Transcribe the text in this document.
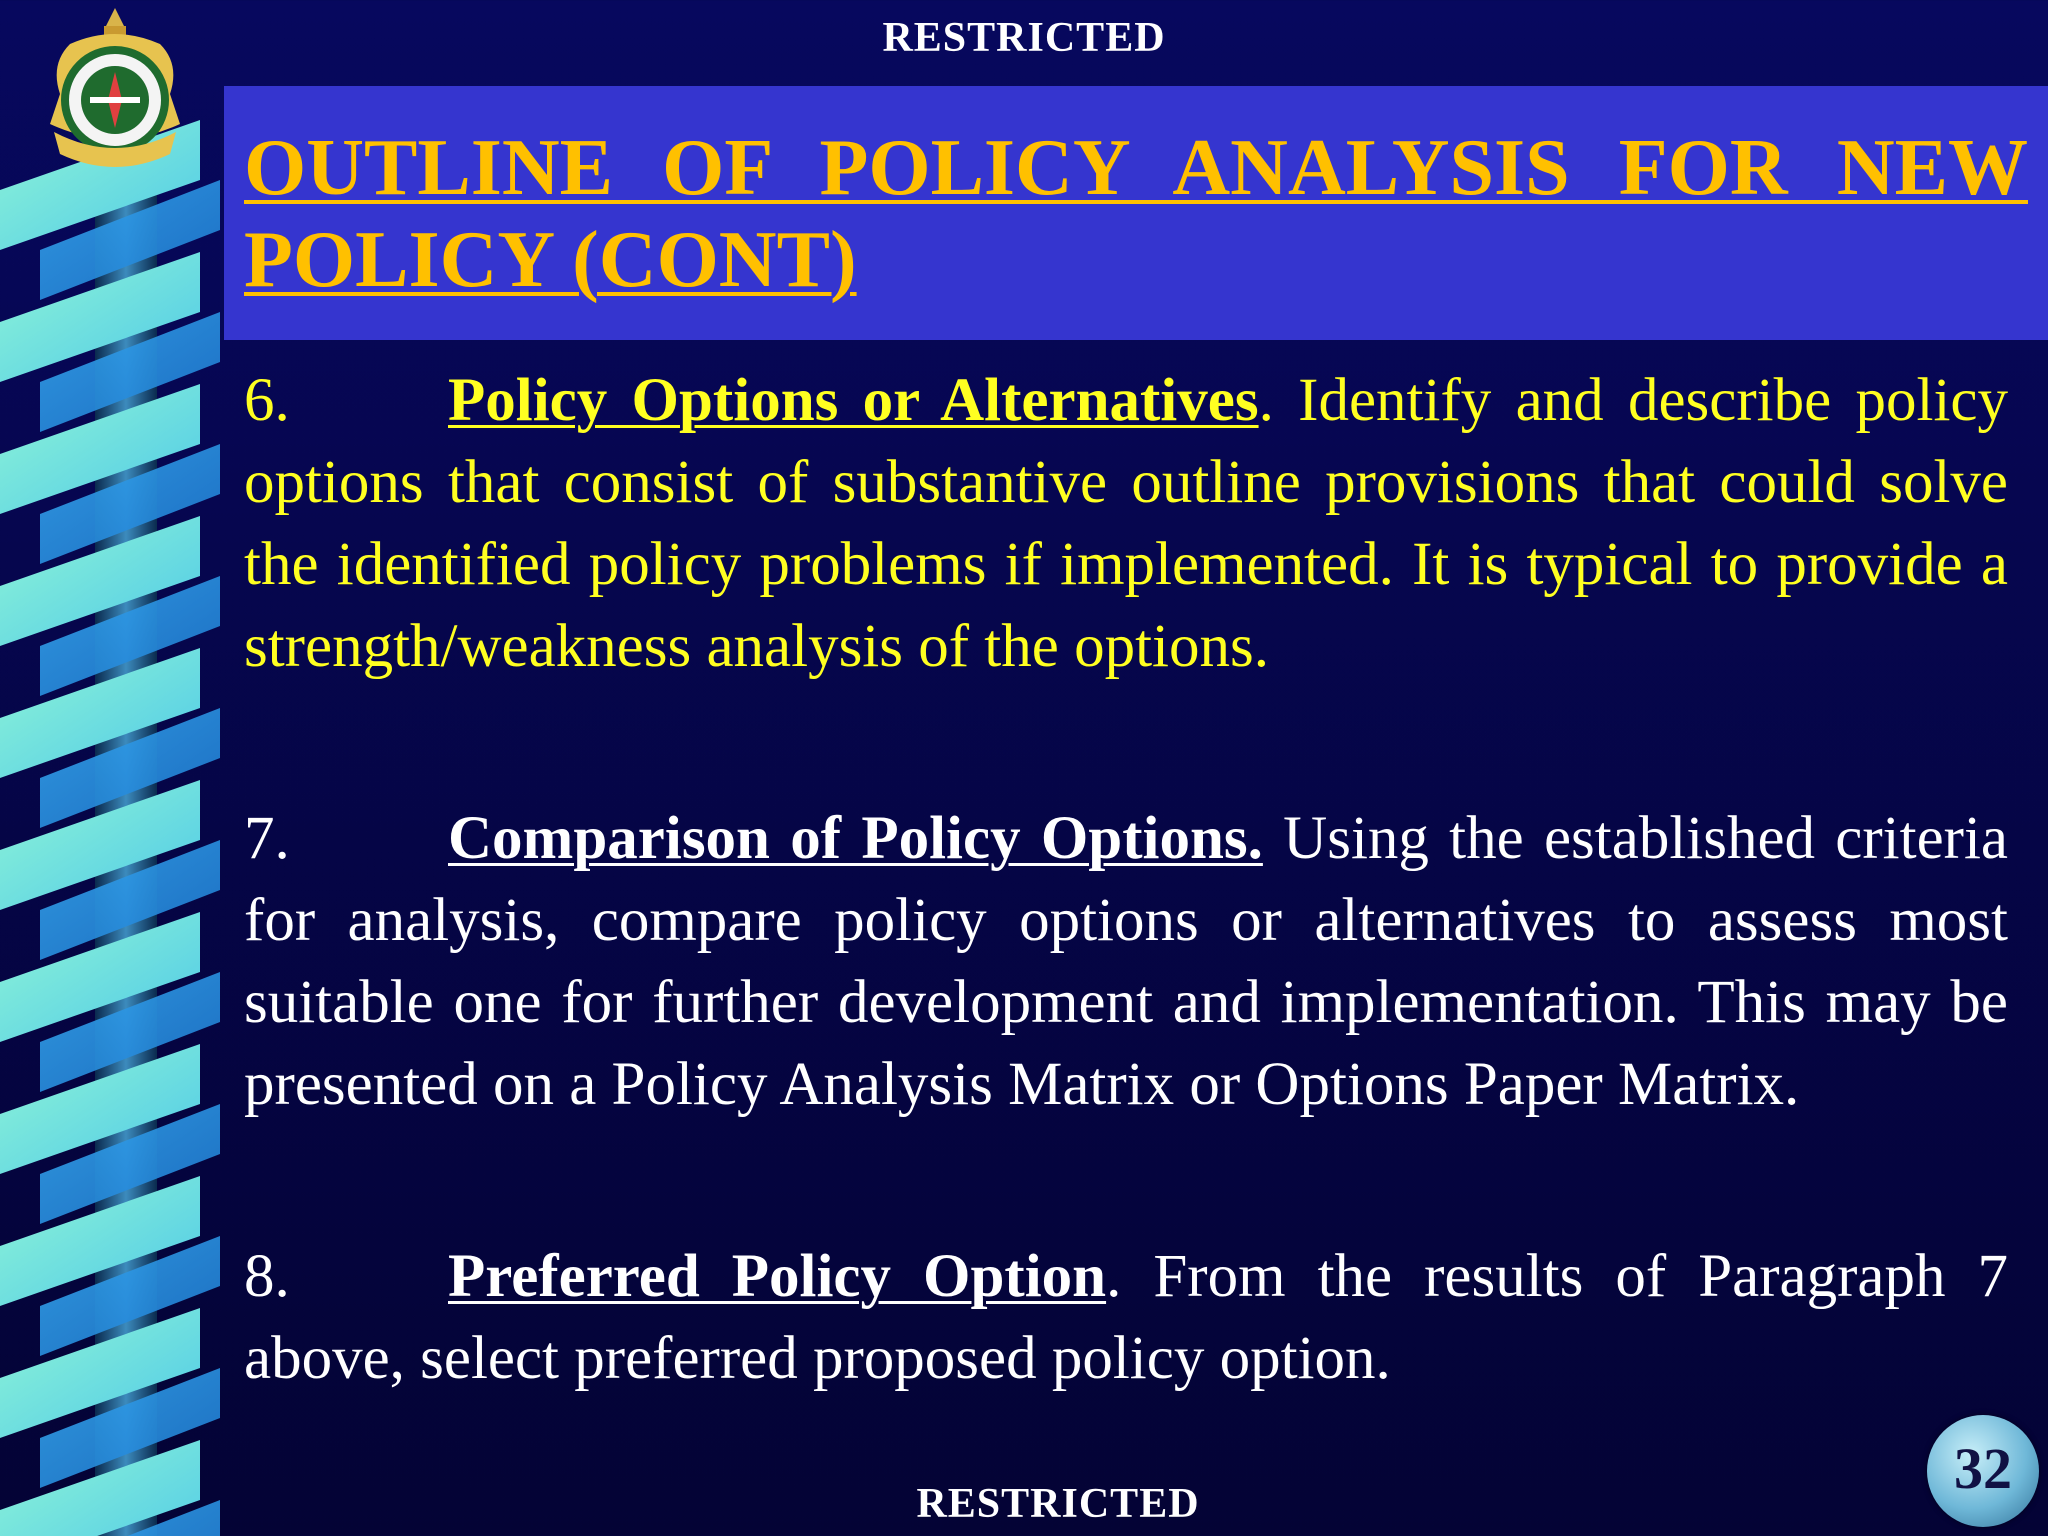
RESTRICTED
OUTLINE OF POLICY ANALYSIS FOR NEW POLICY (CONT)

6.	Policy Options or Alternatives. Identify and describe policy options that consist of substantive outline provisions that could solve the identified policy problems if implemented. It is typical to provide a strength/weakness analysis of the options.

7.	Comparison of Policy Options. Using the established criteria for analysis, compare policy options or alternatives to assess most suitable one for further development and implementation. This may be presented on a Policy Analysis Matrix or Options Paper Matrix.

8.	Preferred Policy Option. From the results of Paragraph 7 above, select preferred proposed policy option.

RESTRICTED
32
